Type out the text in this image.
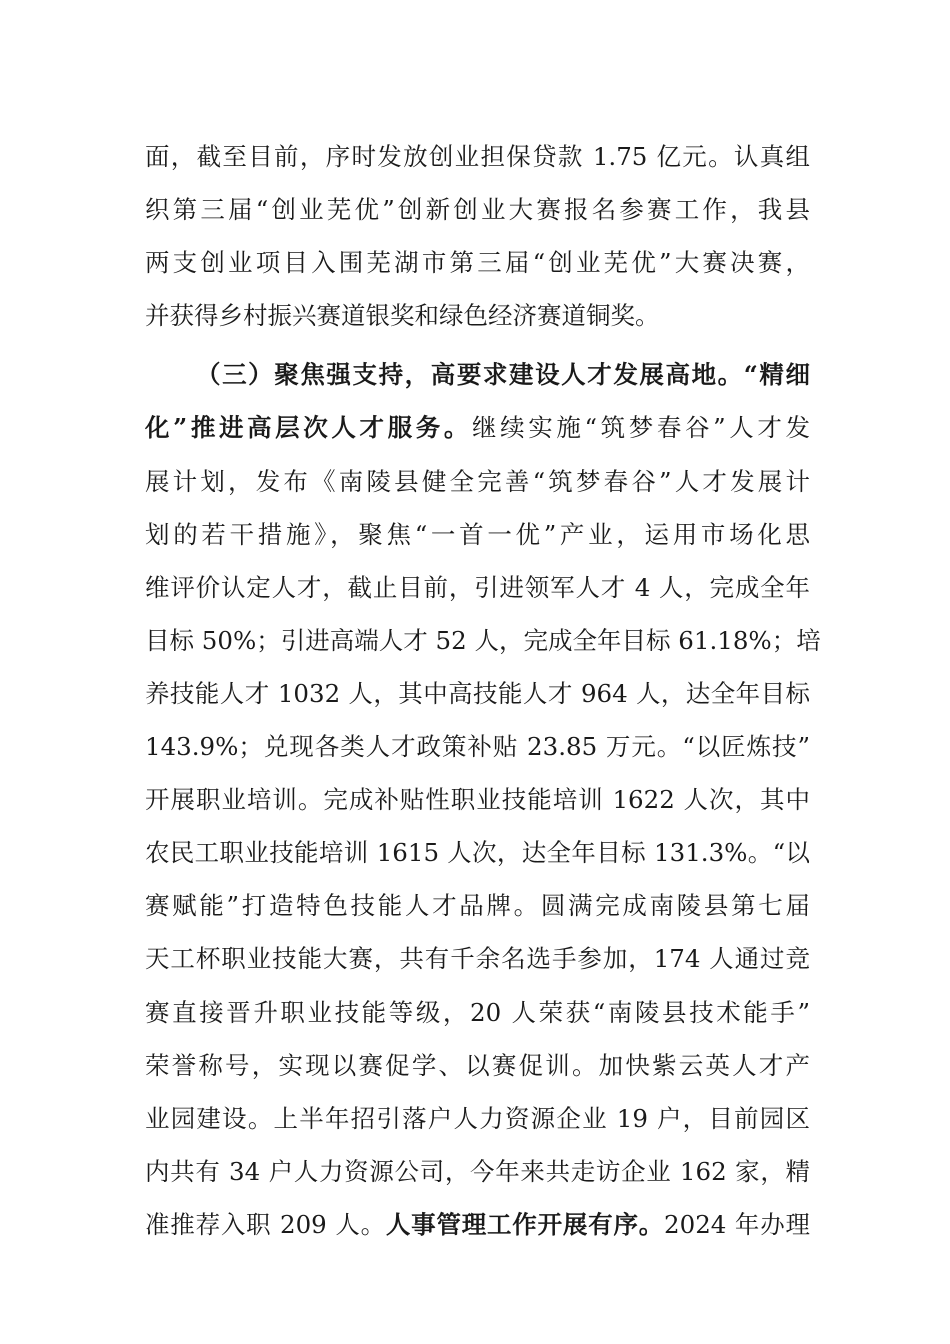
面，截至目前，序时发放创业担保贷款 1.75 亿元。认真组
织第三届“创业芜优”创新创业大赛报名参赛工作，我县
两支创业项目入围芜湖市第三届“创业芜优”大赛决赛，
并获得乡村振兴赛道银奖和绿色经济赛道铜奖。
（三）聚焦强支持，高要求建设人才发展高地。“精细
化”推进高层次人才服务。继续实施“筑梦春谷”人才发
展计划，发布《南陵县健全完善“筑梦春谷”人才发展计
划的若干措施》，聚焦“一首一优”产业，运用市场化思
维评价认定人才，截止目前，引进领军人才 4 人，完成全年
目标 50%；引进高端人才 52 人，完成全年目标 61.18%；培
养技能人才 1032 人，其中高技能人才 964 人，达全年目标
143.9%；兑现各类人才政策补贴 23.85 万元。“以匠炼技”
开展职业培训。完成补贴性职业技能培训 1622 人次，其中
农民工职业技能培训 1615 人次，达全年目标 131.3%。“以
赛赋能”打造特色技能人才品牌。圆满完成南陵县第七届
天工杯职业技能大赛，共有千余名选手参加，174 人通过竞
赛直接晋升职业技能等级，20 人荣获“南陵县技术能手”
荣誉称号，实现以赛促学、以赛促训。加快紫云英人才产
业园建设。上半年招引落户人力资源企业 19 户，目前园区
内共有 34 户人力资源公司，今年来共走访企业 162 家，精
准推荐入职 209 人。人事管理工作开展有序。2024 年办理
